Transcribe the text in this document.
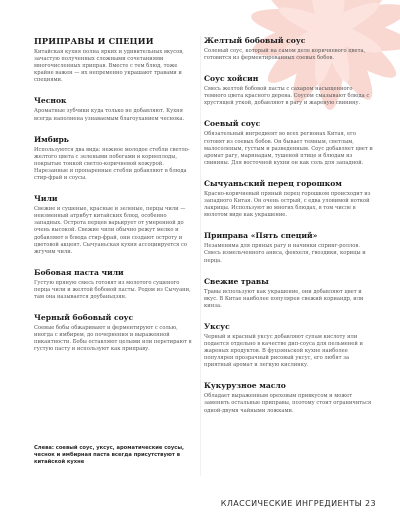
ПРИПРАВЫ И СПЕЦИИ
Китайская кухня полна ярких и удивительных вкусов, зачастую полученных сложными сочетаниями многочисленных приправ. Вместе с тем блюд, тоже крайне важен — их непременно украшают травами и специями.
Чеснок
Ароматные зубчики куда только не добавляют. Кухня всегда наполнена узнаваемым благоуханием чеснока.
Имбирь
Используются два вида: нежное молодое стебли светло-желтого цвета с зелеными побегами и корнеплоды, покрытые тонкой светло-коричневой кожурой. Нарезанные и пропаренные стебли добавляют в блюда стир-фрай и соусы.
Чили
Свежие и сушеные, красные и зеленые, перцы чили — неизменный атрибут китайских блюд, особенно западных. Острота перцев варьирует от умеренной до очень высокой. Свежие чили обычно режут мелко и добавляют в блюда стир-фрай, они создают остроту и цветовой акцент. Сычуаньская кухня ассоциируется со жгучим чили.
Бобовая паста чили
Густую пряную смесь готовят из молотого сушеного перца чили и желтой бобовой пасты. Родом из Сычуани, там она называется доубаньцзян.
Черный бобовый соус
Соевые бобы обжаривают и ферментируют с солью, иногда с имбирем, до почернения и выраженной пикантности. Бобы оставляют целыми или перетирают в густую пасту и используют как приправу.
Слева: соевый соус, уксус, ароматические соусы, чеснок и имбирная паста всегда присутствуют в китайской кухне
Желтый бобовый соус
Соленый соус, который на самом деле коричневого цвета, готовится из ферментированных соевых бобов.
Соус хойсин
Смесь желтой бобовой пасты с сахаром насыщенного темного цвета красного дерева. Соусом смазывают блюда с хрустящей уткой, добавляют в рагу и жареную свинину.
Соевый соус
Обязательный ингредиент во всех регионах Китая, его готовят из соевых бобов. Он бывает темным, светлым, малосоленым, густым и разведенным. Соус добавляет цвет и аромат рагу, маринадам, тушеной птице и блюдам из свинины. Для восточной кухни он как соль для западной.
Сычуаньский перец горошком
Красно-коричневый пряный перец горошком происходит из западного Китая. Он очень острый, с едва уловимой ноткой лакрицы. Используют во многих блюдах, в том числе в молотом виде как украшение.
Приправа «Пять специй»
Незаменима для пряных рагу и начинки спринг-роллов. Смесь измельченного аниса, фенхеля, гвоздики, корицы и перца.
Свежие травы
Травы используют как украшение, они добавляют цвет и вкус. В Китае наиболее популярен свежий кориандр, или кинза.
Уксус
Черный и красный уксус добавляют супам кислоту или подается отдельно в качестве дип-соуса для пельменей и жареных продуктов. В фуцзяньской кухне наиболее популярен прозрачный рисовый уксус, его любят за приятный аромат и легкую кислинку.
Кукурузное масло
Обладает выраженным ореховым привкусом и может заменить остальные приправы, поэтому стоит ограничиться одной-двумя чайными ложками.
КЛАССИЧЕСКИЕ ИНГРЕДИЕНТЫ 23
